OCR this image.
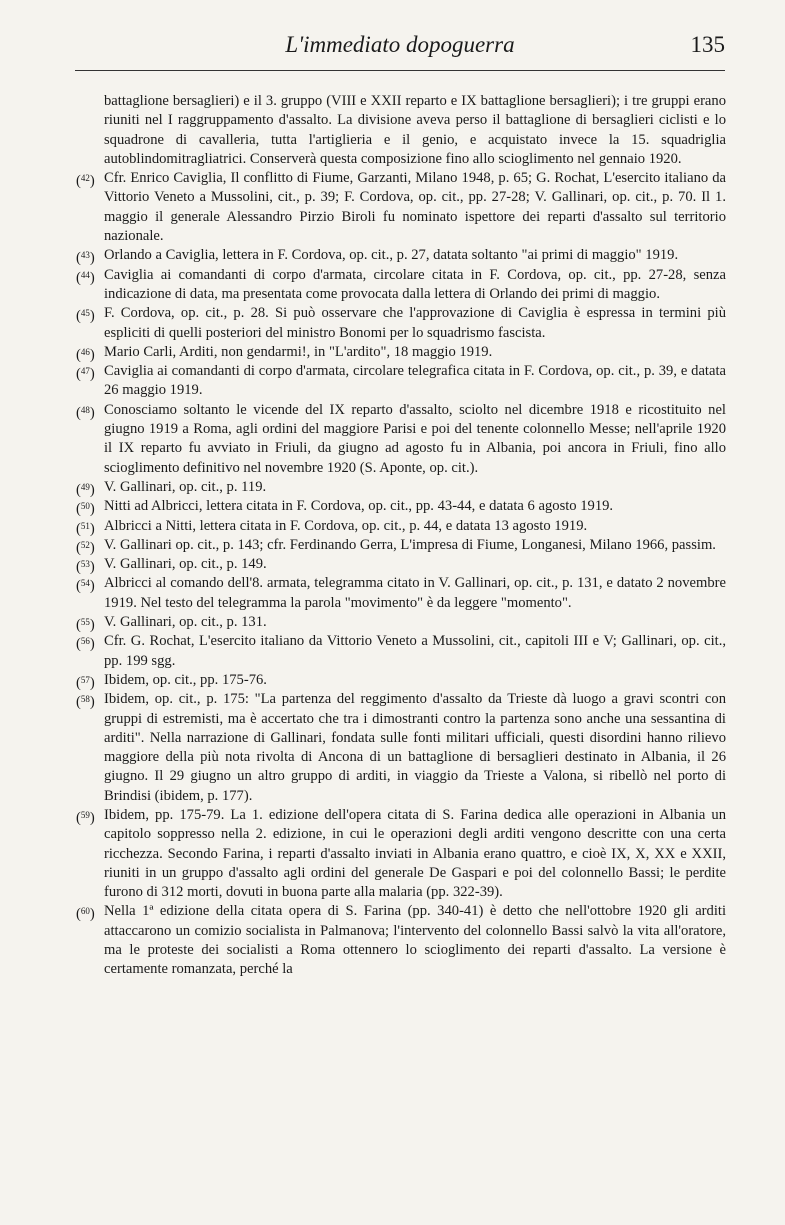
L'immediato dopoguerra	135

battaglione bersaglieri) e il 3. gruppo (VIII e XXII reparto e IX battaglione bersaglieri); i tre gruppi erano riuniti nel I raggruppamento d'assalto. La divisione aveva perso il battaglione di bersaglieri ciclisti e lo squadrone di cavalleria, tutta l'artiglieria e il genio, e acquistato invece la 15. squadriglia autoblindomitragliatrici. Conserverà questa composizione fino allo scioglimento nel gennaio 1920.

($^{42}$) Cfr. Enrico Caviglia, Il conflitto di Fiume, Garzanti, Milano 1948, p. 65; G. Rochat, L'esercito italiano da Vittorio Veneto a Mussolini, cit., p. 39; F. Cordova, op. cit., pp. 27-28; V. Gallinari, op. cit., p. 70. Il 1. maggio il generale Alessandro Pirzio Biroli fu nominato ispettore dei reparti d'assalto sul territorio nazionale.

($^{43}$) Orlando a Caviglia, lettera in F. Cordova, op. cit., p. 27, datata soltanto "ai primi di maggio" 1919.

($^{44}$) Caviglia ai comandanti di corpo d'armata, circolare citata in F. Cordova, op. cit., pp. 27-28, senza indicazione di data, ma presentata come provocata dalla lettera di Orlando dei primi di maggio.

($^{45}$) F. Cordova, op. cit., p. 28. Si può osservare che l'approvazione di Caviglia è espressa in termini più espliciti di quelli posteriori del ministro Bonomi per lo squadrismo fascista.

($^{46}$) Mario Carli, Arditi, non gendarmi!, in "L'ardito", 18 maggio 1919.

($^{47}$) Caviglia ai comandanti di corpo d'armata, circolare telegrafica citata in F. Cordova, op. cit., p. 39, e datata 26 maggio 1919.

($^{48}$) Conosciamo soltanto le vicende del IX reparto d'assalto, sciolto nel dicembre 1918 e ricostituito nel giugno 1919 a Roma, agli ordini del maggiore Parisi e poi del tenente colonnello Messe; nell'aprile 1920 il IX reparto fu avviato in Friuli, da giugno ad agosto fu in Albania, poi ancora in Friuli, fino allo scioglimento definitivo nel novembre 1920 (S. Aponte, op. cit.).

($^{49}$) V. Gallinari, op. cit., p. 119.

($^{50}$) Nitti ad Albricci, lettera citata in F. Cordova, op. cit., pp. 43-44, e datata 6 agosto 1919.

($^{51}$) Albricci a Nitti, lettera citata in F. Cordova, op. cit., p. 44, e datata 13 agosto 1919.

($^{52}$) V. Gallinari op. cit., p. 143; cfr. Ferdinando Gerra, L'impresa di Fiume, Longanesi, Milano 1966, passim.

($^{53}$) V. Gallinari, op. cit., p. 149.

($^{54}$) Albricci al comando dell'8. armata, telegramma citato in V. Gallinari, op. cit., p. 131, e datato 2 novembre 1919. Nel testo del telegramma la parola "movimento" è da leggere "momento".

($^{55}$) V. Gallinari, op. cit., p. 131.

($^{56}$) Cfr. G. Rochat, L'esercito italiano da Vittorio Veneto a Mussolini, cit., capitoli III e V; Gallinari, op. cit., pp. 199 sgg.

($^{57}$) Ibidem, op. cit., pp. 175-76.

($^{58}$) Ibidem, op. cit., p. 175: "La partenza del reggimento d'assalto da Trieste dà luogo a gravi scontri con gruppi di estremisti, ma è accertato che tra i dimostranti contro la partenza sono anche una sessantina di arditi". Nella narrazione di Gallinari, fondata sulle fonti militari ufficiali, questi disordini hanno rilievo maggiore della più nota rivolta di Ancona di un battaglione di bersaglieri destinato in Albania, il 26 giugno. Il 29 giugno un altro gruppo di arditi, in viaggio da Trieste a Valona, si ribellò nel porto di Brindisi (ibidem, p. 177).

($^{59}$) Ibidem, pp. 175-79. La 1. edizione dell'opera citata di S. Farina dedica alle operazioni in Albania un capitolo soppresso nella 2. edizione, in cui le operazioni degli arditi vengono descritte con una certa ricchezza. Secondo Farina, i reparti d'assalto inviati in Albania erano quattro, e cioè IX, X, XX e XXII, riuniti in un gruppo d'assalto agli ordini del generale De Gaspari e poi del colonnello Bassi; le perdite furono di 312 morti, dovuti in buona parte alla malaria (pp. 322-39).

($^{60}$) Nella 1ª edizione della citata opera di S. Farina (pp. 340-41) è detto che nell'ottobre 1920 gli arditi attaccarono un comizio socialista in Palmanova; l'intervento del colonnello Bassi salvò la vita all'oratore, ma le proteste dei socialisti a Roma ottennero lo scioglimento dei reparti d'assalto. La versione è certamente romanzata, perché la
